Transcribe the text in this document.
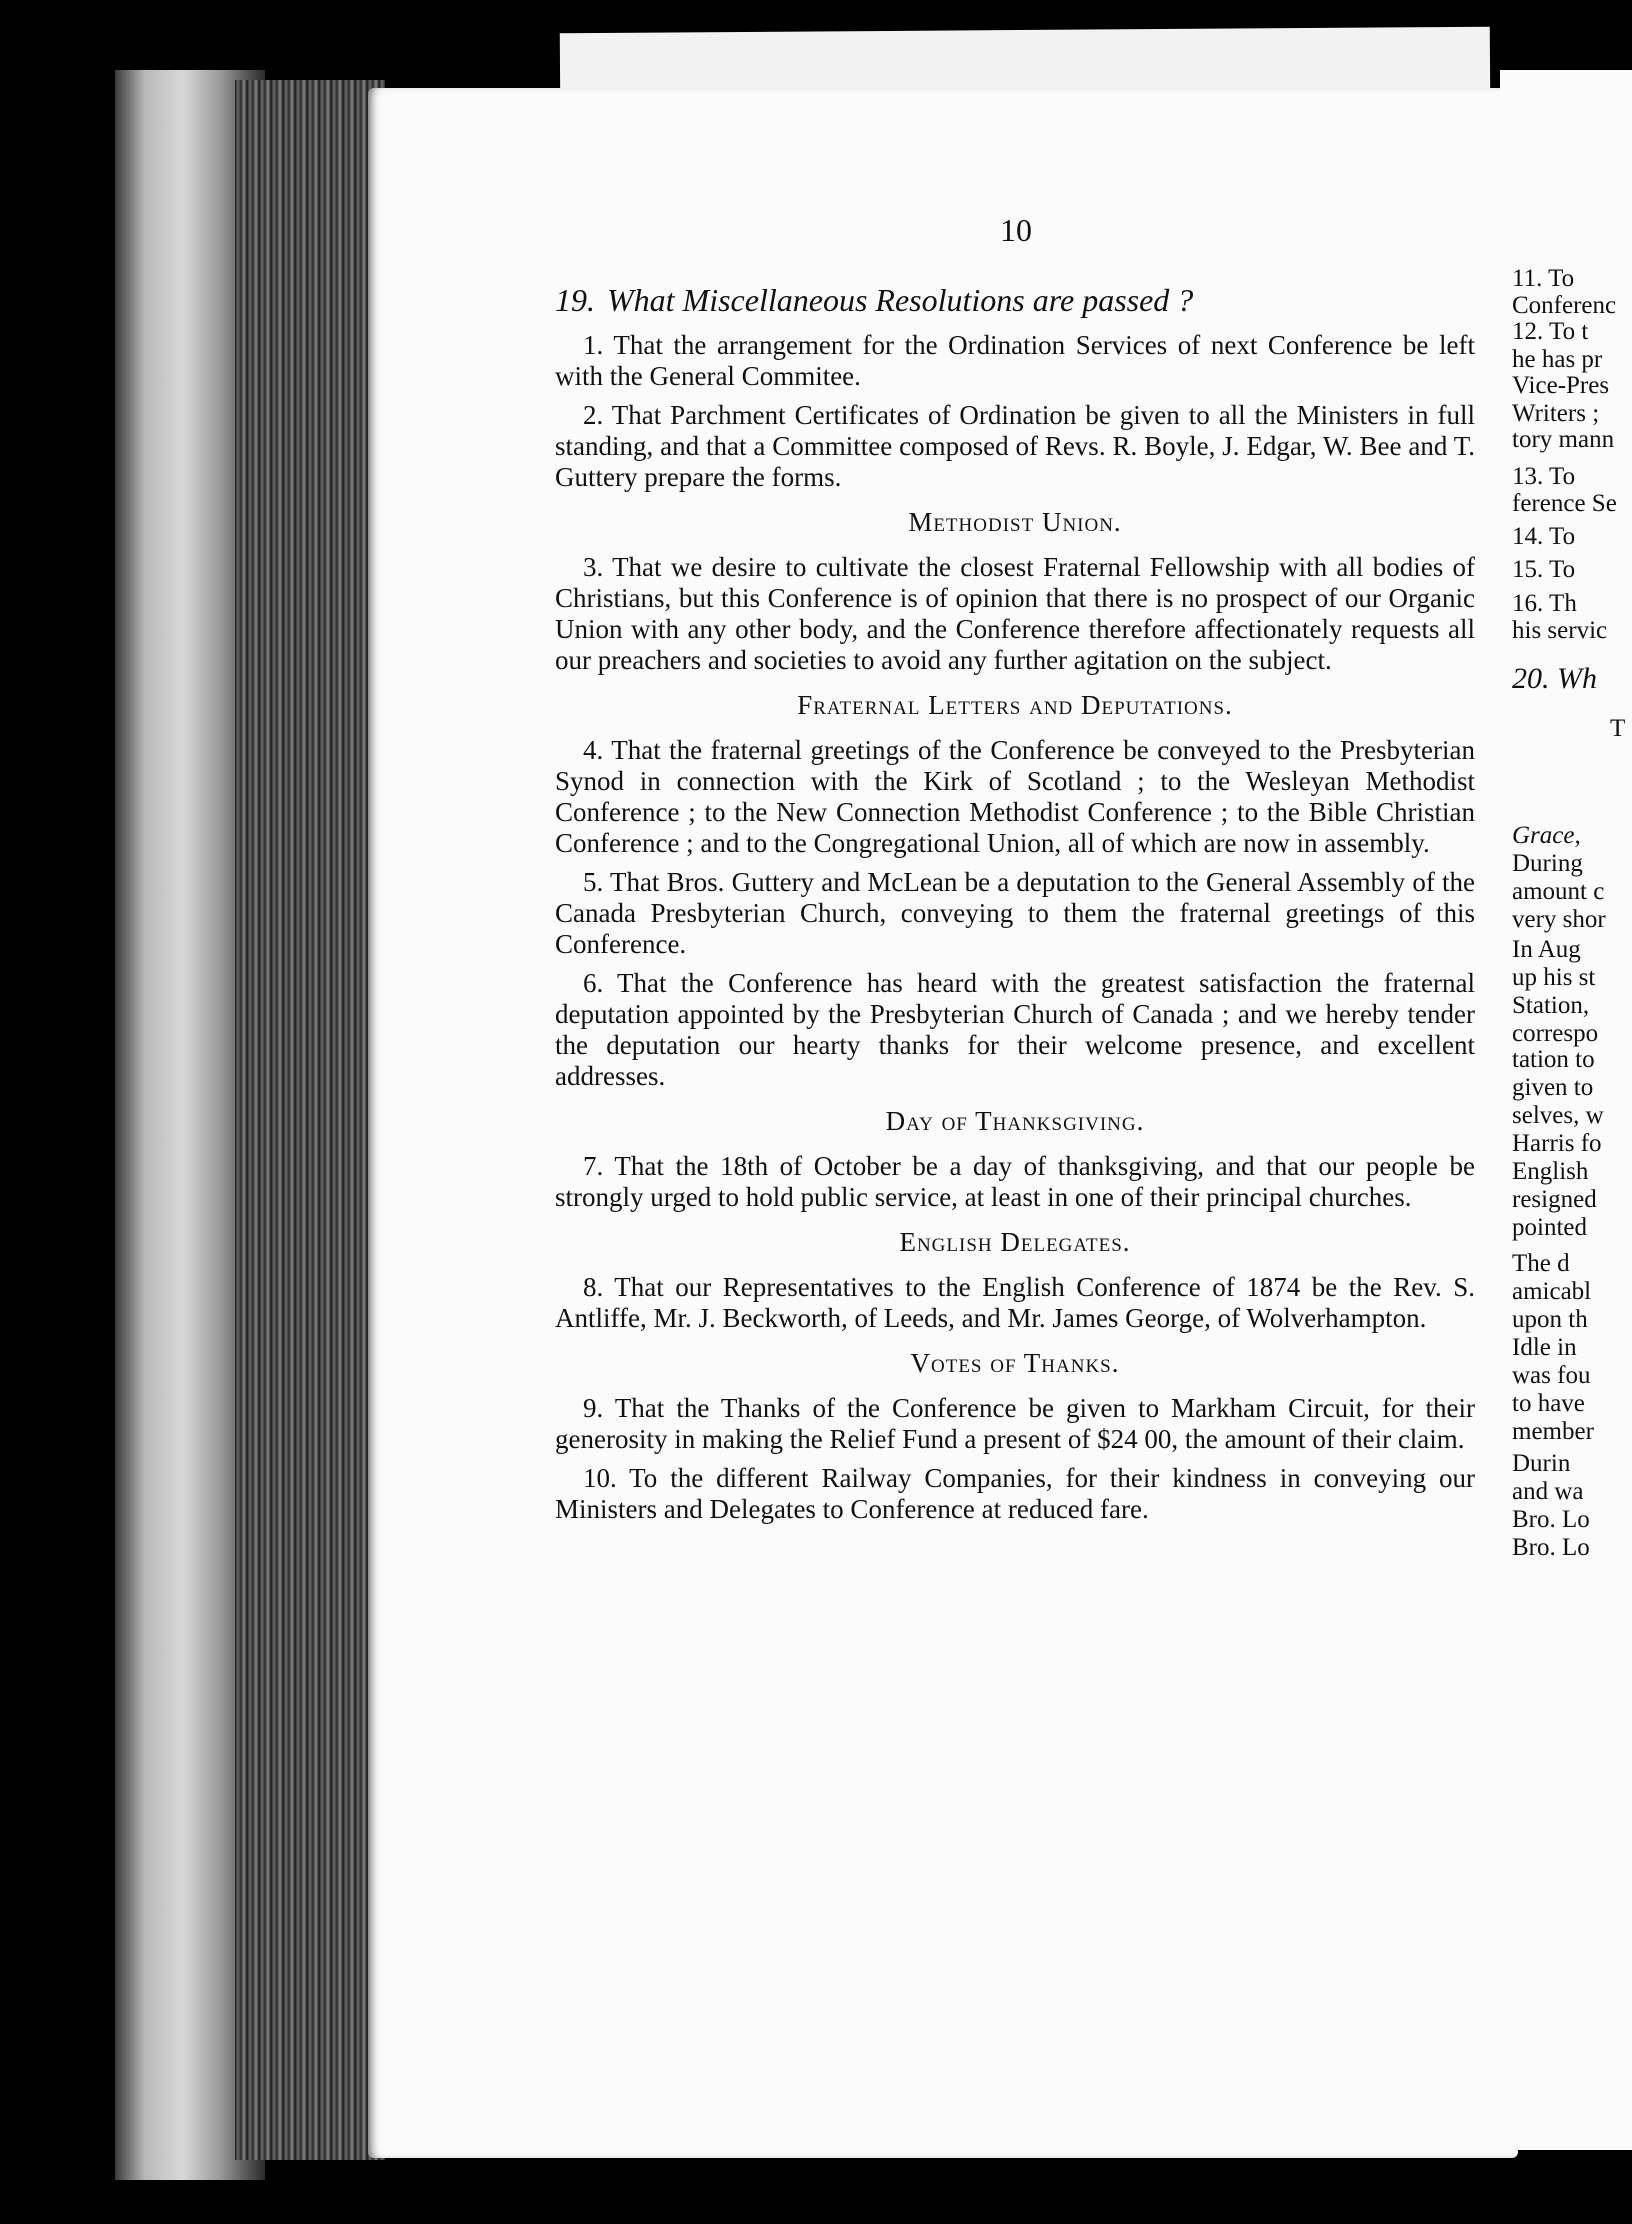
10
19. What Miscellaneous Resolutions are passed ?

1. That the arrangement for the Ordination Services of next Conference be left with the General Commitee.

2. That Parchment Certificates of Ordination be given to all the Ministers in full standing, and that a Committee composed of Revs. R. Boyle, J. Edgar, W. Bee and T. Guttery prepare the forms.

Methodist Union.

3. That we desire to cultivate the closest Fraternal Fellowship with all bodies of Christians, but this Conference is of opinion that there is no prospect of our Organic Union with any other body, and the Conference therefore affectionately requests all our preachers and societies to avoid any further agitation on the subject.

Fraternal Letters and Deputations.

4. That the fraternal greetings of the Conference be conveyed to the Presbyterian Synod in connection with the Kirk of Scotland ; to the Wesleyan Methodist Conference ; to the New Connection Methodist Conference ; to the Bible Christian Conference ; and to the Congregational Union, all of which are now in assembly.

5. That Bros. Guttery and McLean be a deputation to the General Assembly of the Canada Presbyterian Church, conveying to them the fraternal greetings of this Conference.

6. That the Conference has heard with the greatest satisfaction the fraternal deputation appointed by the Presbyterian Church of Canada ; and we hereby tender the deputation our hearty thanks for their welcome presence, and excellent addresses.

Day of Thanksgiving.

7. That the 18th of October be a day of thanksgiving, and that our people be strongly urged to hold public service, at least in one of their principal churches.

English Delegates.

8. That our Representatives to the English Conference of 1874 be the Rev. S. Antliffe, Mr. J. Beckworth, of Leeds, and Mr. James George, of Wolverhampton.

Votes of Thanks.

9. That the Thanks of the Conference be given to Markham Circuit, for their generosity in making the Relief Fund a present of $24 00, the amount of their claim.

10. To the different Railway Companies, for their kindness in conveying our Ministers and Delegates to Conference at reduced fare.

11. To
Conferenc
12. To t
he has pr
Vice-Pres
Writers ;
tory mann
13. To
ference Se
14. To
15. To
16. Th
his servic
20. Wh
T
Grace,
During
amount c
very shor
In Aug
up his st
Station,
correspo
tation to
given to
selves, w
Harris fo
English
resigned
pointed
The d
amicabl
upon th
Idle in
was fou
to have
member
Durin
and wa
Bro. Lo
Bro. Lo
